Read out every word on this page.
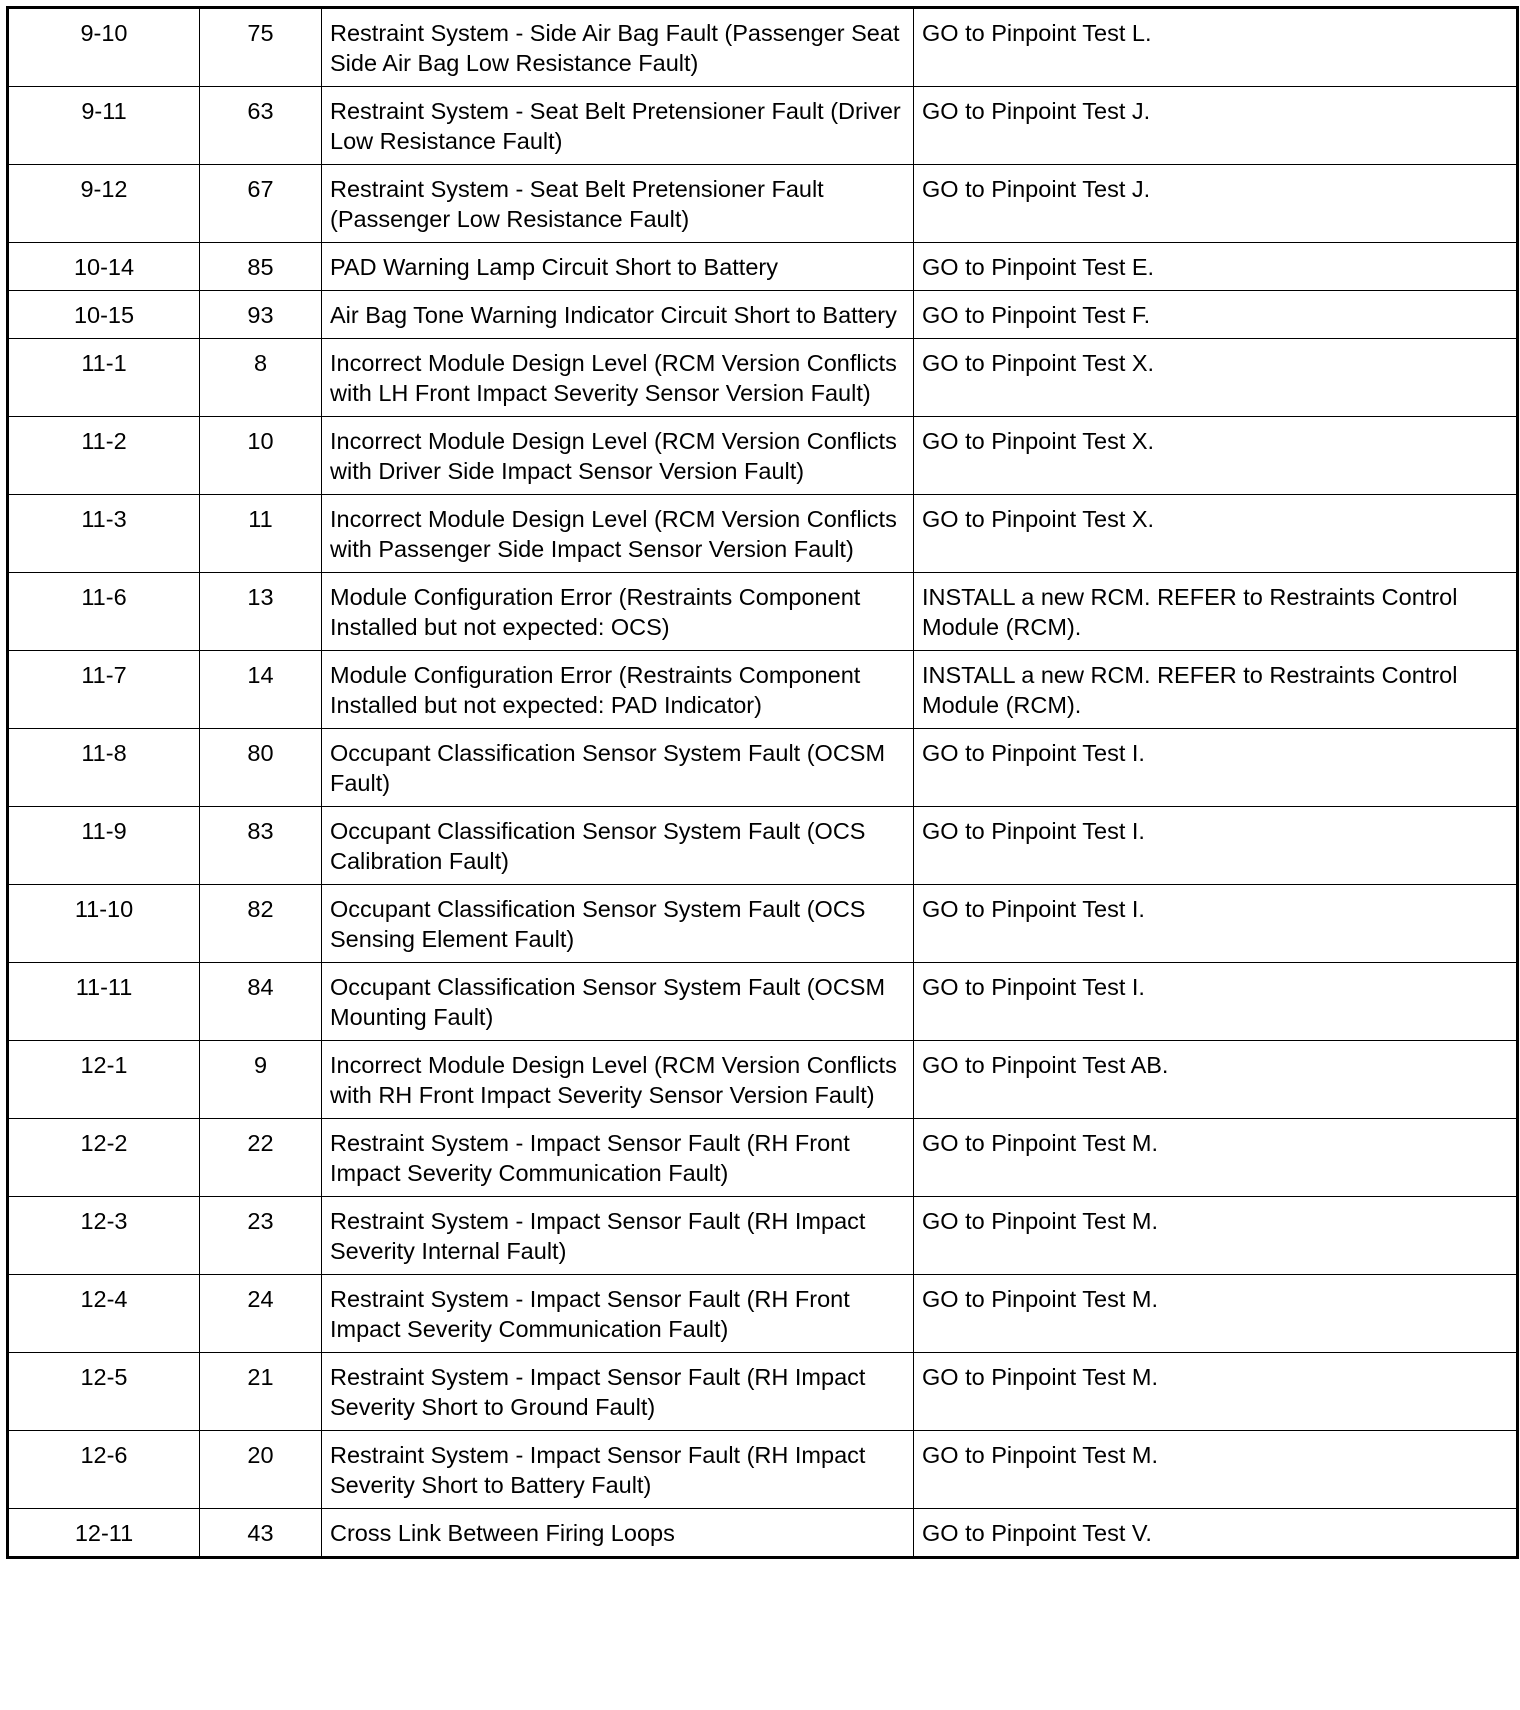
9-10	75	Restraint System - Side Air Bag Fault (Passenger Seat Side Air Bag Low Resistance Fault)	GO to Pinpoint Test L.
9-11	63	Restraint System - Seat Belt Pretensioner Fault (Driver Low Resistance Fault)	GO to Pinpoint Test J.
9-12	67	Restraint System - Seat Belt Pretensioner Fault (Passenger Low Resistance Fault)	GO to Pinpoint Test J.
10-14	85	PAD Warning Lamp Circuit Short to Battery	GO to Pinpoint Test E.
10-15	93	Air Bag Tone Warning Indicator Circuit Short to Battery	GO to Pinpoint Test F.
11-1	8	Incorrect Module Design Level (RCM Version Conflicts with LH Front Impact Severity Sensor Version Fault)	GO to Pinpoint Test X.
11-2	10	Incorrect Module Design Level (RCM Version Conflicts with Driver Side Impact Sensor Version Fault)	GO to Pinpoint Test X.
11-3	11	Incorrect Module Design Level (RCM Version Conflicts with Passenger Side Impact Sensor Version Fault)	GO to Pinpoint Test X.
11-6	13	Module Configuration Error (Restraints Component Installed but not expected: OCS)	INSTALL a new RCM. REFER to Restraints Control Module (RCM).
11-7	14	Module Configuration Error (Restraints Component Installed but not expected: PAD Indicator)	INSTALL a new RCM. REFER to Restraints Control Module (RCM).
11-8	80	Occupant Classification Sensor System Fault (OCSM Fault)	GO to Pinpoint Test I.
11-9	83	Occupant Classification Sensor System Fault (OCS Calibration Fault)	GO to Pinpoint Test I.
11-10	82	Occupant Classification Sensor System Fault (OCS Sensing Element Fault)	GO to Pinpoint Test I.
11-11	84	Occupant Classification Sensor System Fault (OCSM Mounting Fault)	GO to Pinpoint Test I.
12-1	9	Incorrect Module Design Level (RCM Version Conflicts with RH Front Impact Severity Sensor Version Fault)	GO to Pinpoint Test AB.
12-2	22	Restraint System - Impact Sensor Fault (RH Front Impact Severity Communication Fault)	GO to Pinpoint Test M.
12-3	23	Restraint System - Impact Sensor Fault (RH Impact Severity Internal Fault)	GO to Pinpoint Test M.
12-4	24	Restraint System - Impact Sensor Fault (RH Front Impact Severity Communication Fault)	GO to Pinpoint Test M.
12-5	21	Restraint System - Impact Sensor Fault (RH Impact Severity Short to Ground Fault)	GO to Pinpoint Test M.
12-6	20	Restraint System - Impact Sensor Fault (RH Impact Severity Short to Battery Fault)	GO to Pinpoint Test M.
12-11	43	Cross Link Between Firing Loops	GO to Pinpoint Test V.
